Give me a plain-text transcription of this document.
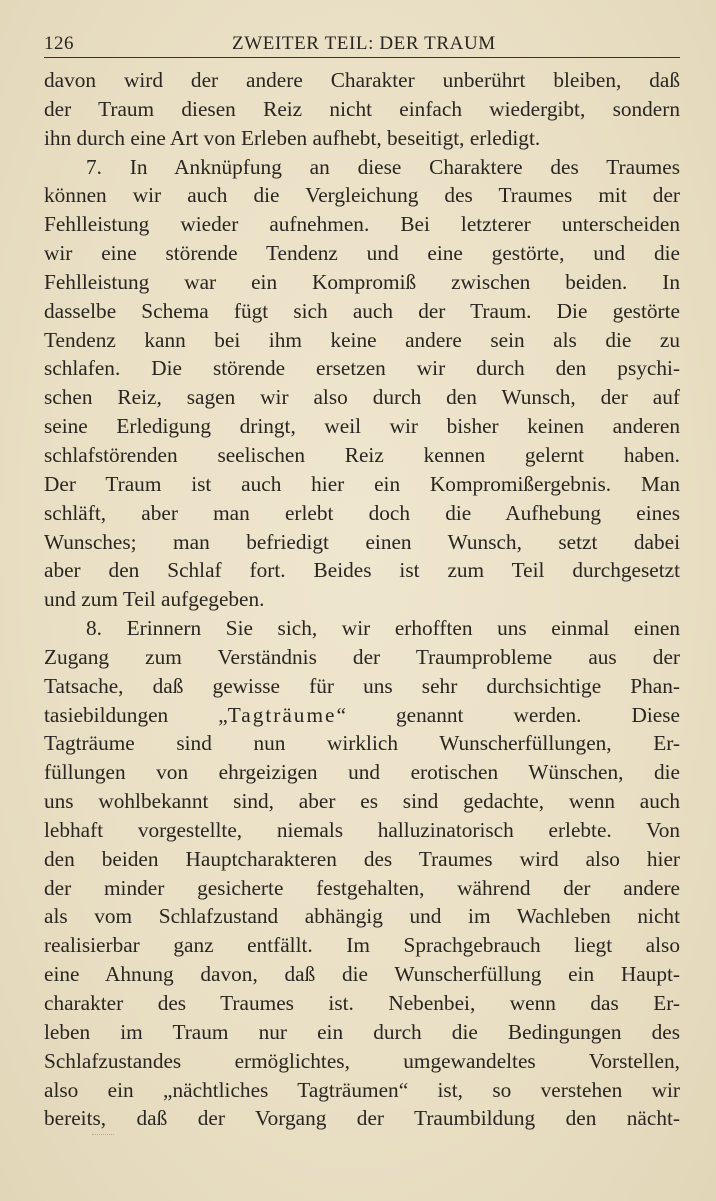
126	ZWEITER TEIL: DER TRAUM
davon wird der andere Charakter unberührt bleiben, daß
der Traum diesen Reiz nicht einfach wiedergibt, sondern
ihn durch eine Art von Erleben aufhebt, beseitigt, erledigt.
7. In Anknüpfung an diese Charaktere des Traumes
können wir auch die Vergleichung des Traumes mit der
Fehlleistung wieder aufnehmen. Bei letzterer unterscheiden
wir eine störende Tendenz und eine gestörte, und die
Fehlleistung war ein Kompromiß zwischen beiden. In
dasselbe Schema fügt sich auch der Traum. Die gestörte
Tendenz kann bei ihm keine andere sein als die zu
schlafen. Die störende ersetzen wir durch den psychi-
schen Reiz, sagen wir also durch den Wunsch, der auf
seine Erledigung dringt, weil wir bisher keinen anderen
schlafstörenden seelischen Reiz kennen gelernt haben.
Der Traum ist auch hier ein Kompromißergebnis. Man
schläft, aber man erlebt doch die Aufhebung eines
Wunsches; man befriedigt einen Wunsch, setzt dabei
aber den Schlaf fort. Beides ist zum Teil durchgesetzt
und zum Teil aufgegeben.
8. Erinnern Sie sich, wir erhofften uns einmal einen
Zugang zum Verständnis der Traumprobleme aus der
Tatsache, daß gewisse für uns sehr durchsichtige Phan-
tasiebildungen „Tagträume“ genannt werden. Diese
Tagträume sind nun wirklich Wunscherfüllungen, Er-
füllungen von ehrgeizigen und erotischen Wünschen, die
uns wohlbekannt sind, aber es sind gedachte, wenn auch
lebhaft vorgestellte, niemals halluzinatorisch erlebte. Von
den beiden Hauptcharakteren des Traumes wird also hier
der minder gesicherte festgehalten, während der andere
als vom Schlafzustand abhängig und im Wachleben nicht
realisierbar ganz entfällt. Im Sprachgebrauch liegt also
eine Ahnung davon, daß die Wunscherfüllung ein Haupt-
charakter des Traumes ist. Nebenbei, wenn das Er-
leben im Traum nur ein durch die Bedingungen des
Schlafzustandes ermöglichtes, umgewandeltes Vorstellen,
also ein „nächtliches Tagträumen“ ist, so verstehen wir
bereits, daß der Vorgang der Traumbildung den nächt-
